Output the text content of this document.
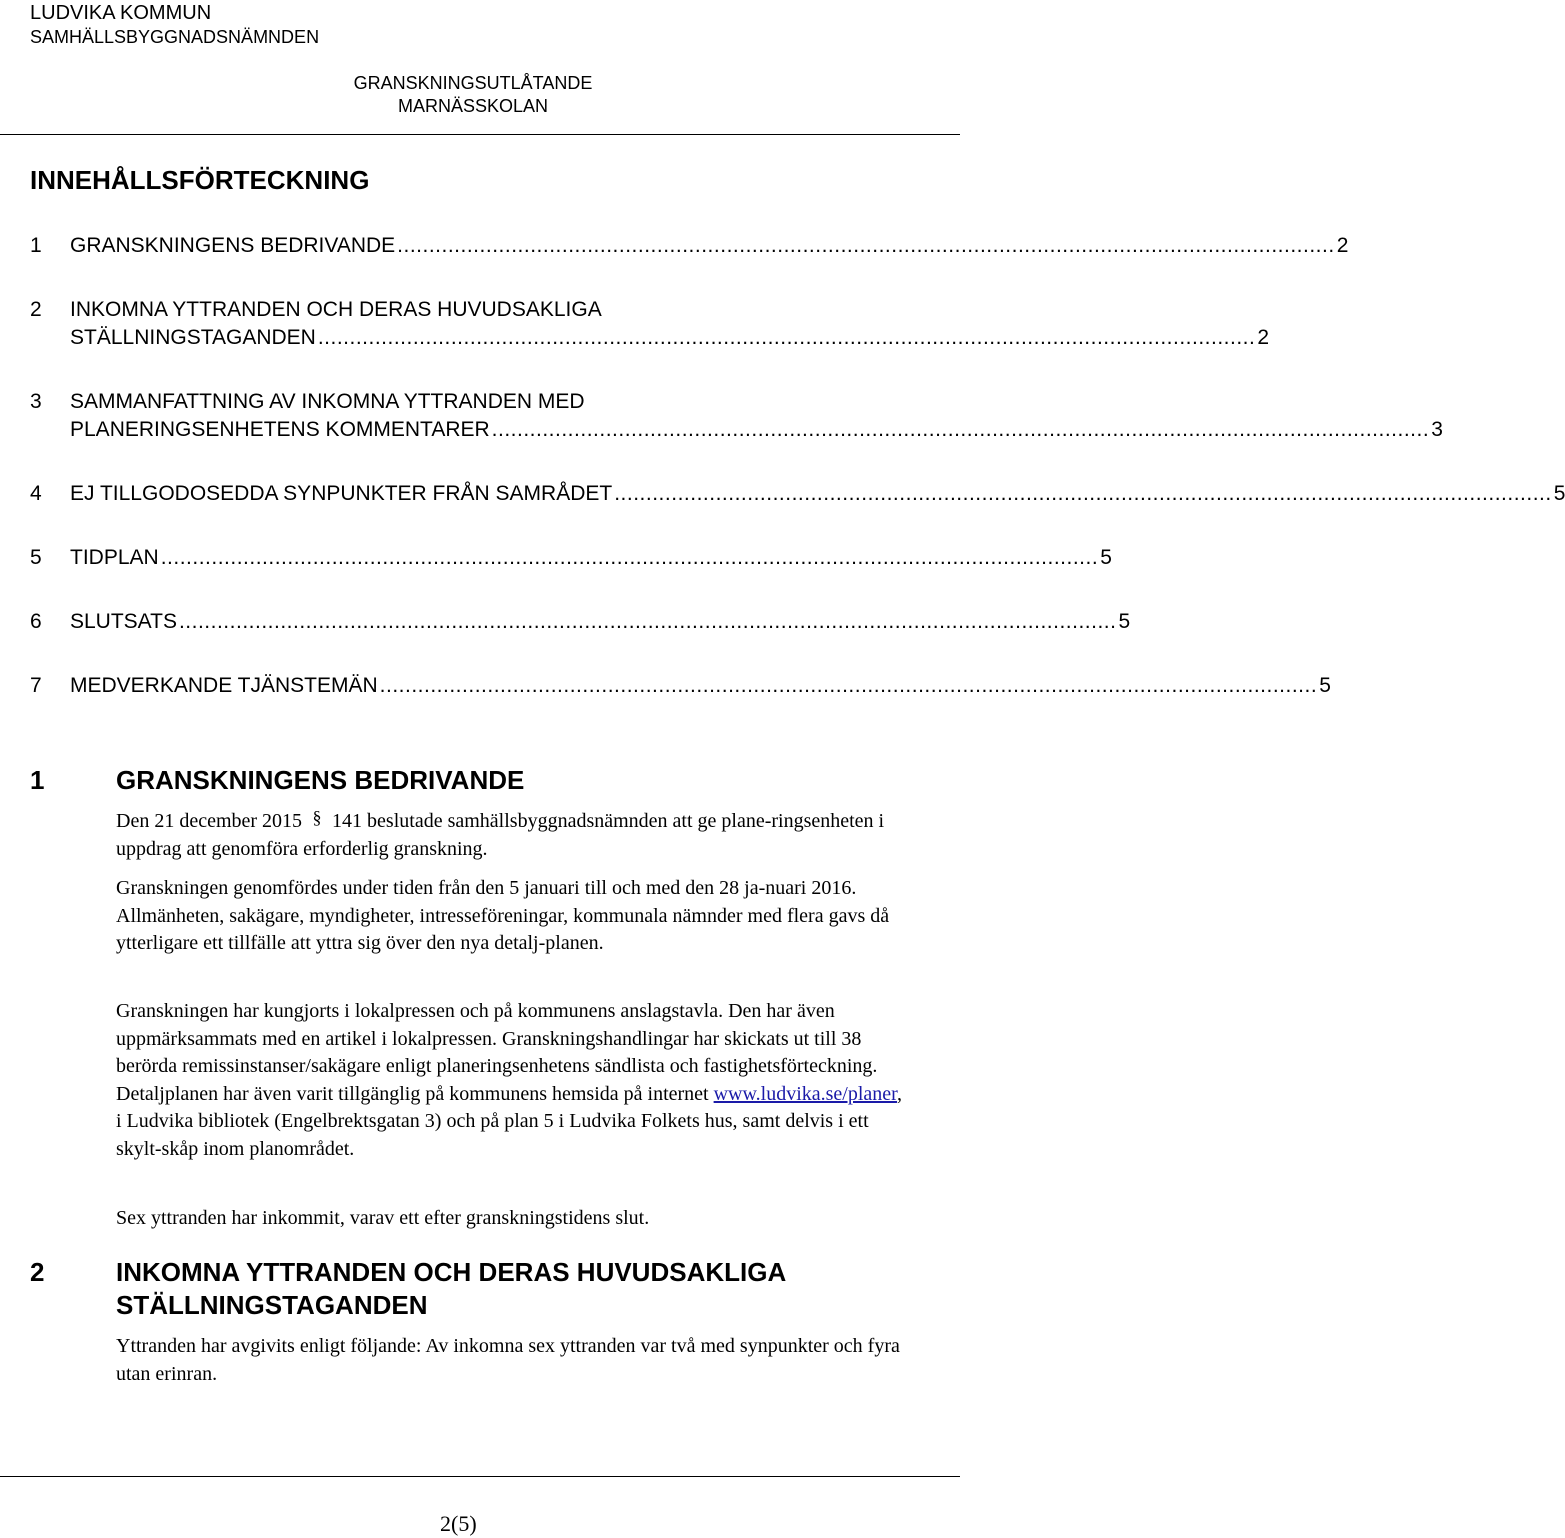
LUDVIKA KOMMUN
SAMHÄLLSBYGGNADSNÄMNDEN
GRANSKNINGSUTLÅTANDE
MARNÄSSKOLAN
INNEHÅLLSFÖRTECKNING
1	GRANSKNINGENS BEDRIVANDE .................................................................................................................................................... 2
2	INKOMNA YTTRANDEN OCH DERAS HUVUDSAKLIGA
STÄLLNINGSTAGANDEN .................................................................................................................................................... 2
3	SAMMANFATTNING AV INKOMNA YTTRANDEN MED
PLANERINGSENHETENS KOMMENTARER .................................................................................................................................................... 3
4	EJ TILLGODOSEDDA SYNPUNKTER FRÅN SAMRÅDET .................................................................................................................................................... 5
5	TIDPLAN .................................................................................................................................................... 5
6	SLUTSATS .................................................................................................................................................... 5
7	MEDVERKANDE TJÄNSTEMÄN .................................................................................................................................................... 5
1	GRANSKNINGENS BEDRIVANDE
Den 21 december 2015 § 141 beslutade samhällsbyggnadsnämnden att ge plane-ringsenheten i uppdrag att genomföra erforderlig granskning.
Granskningen genomfördes under tiden från den 5 januari till och med den 28 ja-nuari 2016. Allmänheten, sakägare, myndigheter, intresseföreningar, kommunala nämnder med flera gavs då ytterligare ett tillfälle att yttra sig över den nya detalj-planen.
Granskningen har kungjorts i lokalpressen och på kommunens anslagstavla. Den har även uppmärksammats med en artikel i lokalpressen. Granskningshandlingar har skickats ut till 38 berörda remissinstanser/sakägare enligt planeringsenhetens sändlista och fastighetsförteckning. Detaljplanen har även varit tillgänglig på kommunens hemsida på internet www.ludvika.se/planer, i Ludvika bibliotek (Engelbrektsgatan 3) och på plan 5 i Ludvika Folkets hus, samt delvis i ett skylt-skåp inom planområdet.
Sex yttranden har inkommit, varav ett efter granskningstidens slut.
2	INKOMNA YTTRANDEN OCH DERAS HUVUDSAKLIGA
STÄLLNINGSTAGANDEN
Yttranden har avgivits enligt följande: Av inkomna sex yttranden var två med synpunkter och fyra utan erinran.
2(5)
